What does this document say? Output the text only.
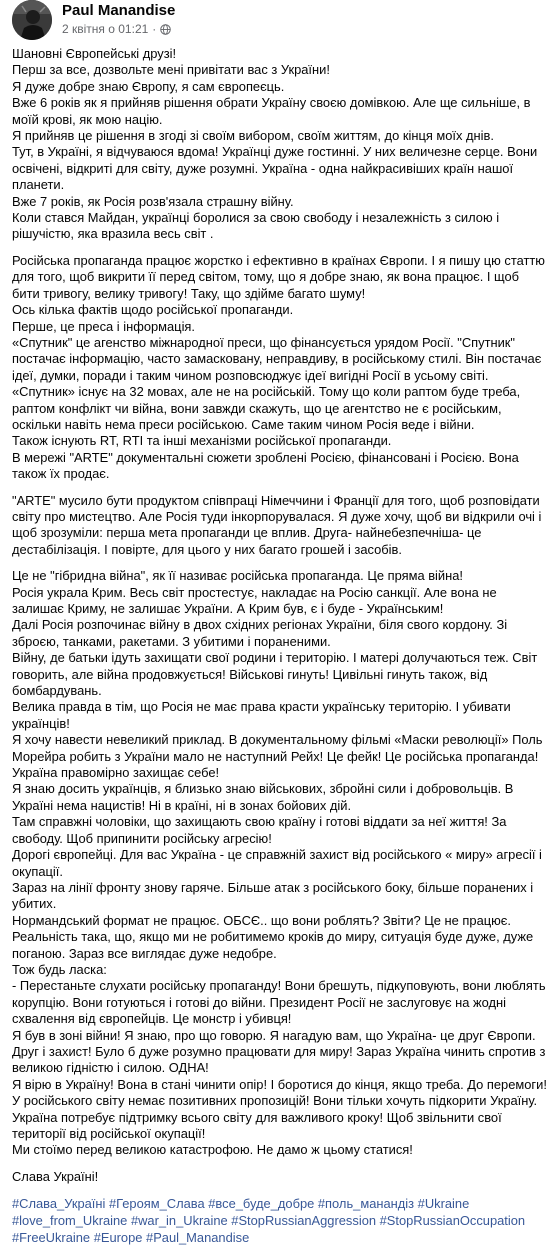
Paul Manandise
2 квітня о 01:21 ·

Шановні Європейські друзі!

Перш за все, дозвольте мені привітати вас з України!

Я дуже добре знаю Європу, я сам європеєць.

Вже 6 років як я прийняв рішення обрати Україну своєю домівкою. Але ще сильніше, в моїй крові, як мою націю.

Я прийняв це рішення в згоді зі своїм вибором, своїм життям, до кінця моїх днів.

Тут, в Україні, я відчуваюся вдома! Українці дуже гостинні. У них величезне серце. Вони освічені, відкриті для світу, дуже розумні. Україна - одна найкрасивіших країн нашої планети.

Вже 7 років, як Росія розв'язала страшну війну.

Коли стався Майдан, українці боролися за свою свободу і незалежність з силою і рішучістю, яка вразила весь світ .

Російська пропаганда працює жорстко і ефективно в країнах Європи. І я пишу цю статтю для того, щоб викрити її перед світом, тому, що я добре знаю, як вона працює. І щоб бити тривогу, велику тривогу! Таку, що здійме багато шуму!

Ось кілька фактів щодо російської пропаганди.

Перше, це преса і інформація.

«Спутник" це агенство міжнародної преси, що фінансується урядом Росії. "Спутник" постачає інформацію, часто замасковану, неправдиву, в російському стилі. Він постачає ідеї, думки, поради і таким чином розповсюджує ідеї вигідні Росії в усьому світі. «Спутник» існує на 32 мовах, але не на російській. Тому що коли раптом буде треба, раптом конфлікт чи війна, вони завжди скажуть, що це агентство не є російським, оскільки навіть нема преси російською. Саме таким чином Росія веде і війни.

Також існують RT, RTI та інші механізми російської пропаганди.

В мережі "ARTE" документальні сюжети зроблені Росією, фінансовані і Росією. Вона також їх продає.

"ARTE" мусило бути продуктом співпраці Німеччини і Франції для того, щоб розповідати світу про мистецтво. Але Росія туди інкорпорувалася. Я дуже хочу, щоб ви відкрили очі і щоб зрозуміли: перша мета пропаганди це вплив. Друга- найнебезпечніша- це дестабілізація. І повірте, для цього у них багато грошей і засобів.

Це не "гібридна війна", як її називає російська пропаганда. Це пряма війна!

Росія украла Крим. Весь світ простестує, накладає на Росію санкції. Але вона не залишає Криму, не залишає України. А Крим був, є і буде - Українським!

Далі Росія розпочинає війну в двох східних регіонах України, біля свого кордону. Зі зброєю, танками, ракетами. З убитими і пораненими.

Війну, де батьки ідуть захищати свої родини і територію. І матері долучаються теж. Світ говорить, але війна продовжується! Військові гинуть! Цивільні гинуть також, від бомбардувань.

Велика правда в тім, що Росія не має права красти українську територію. І убивати українців!

Я хочу навести невеликий приклад. В документальному фільмі «Маски революції» Поль Морейра робить з України мало не наступний Рейх! Це фейк! Це російська пропаганда!

Україна правомірно захищає себе!

Я знаю досить українців, я близько знаю військових, збройні сили і добровольців. В Україні нема нацистів! Ні в країні, ні в зонах бойових дій.

Там справжні чоловіки, що захищають свою країну і готові віддати за неї життя! За свободу. Щоб припинити російську агресію!

Дорогі європейці. Для вас Україна - це справжній захист від російського « миру» агресії і окупації.

Зараз на лінії фронту знову гаряче. Більше атак з російського боку, більше поранених і убитих.

Нормандський формат не працює. ОБСЄ.. що вони роблять? Звіти? Це не працює.

Реальність така, що, якщо ми не робитимемо кроків до миру, ситуація буде дуже, дуже поганою. Зараз все виглядає дуже недобре.

Тож будь ласка:

- Перестаньте слухати російську пропаганду! Вони брешуть, підкуповують, вони люблять корупцію. Вони готуються і готові до війни. Президент Росії не заслуговує на жодні схвалення від європейців. Це монстр і убивця!

Я був в зоні війни! Я знаю, про що говорю. Я нагадую вам, що Україна- це друг Європи. Друг і захист! Було б дуже розумно працювати для миру! Зараз Україна чинить спротив з великою гідністю і силою. ОДНА!

Я вірю в Україну! Вона в стані чинити опір! І боротися до кінця, якщо треба. До перемоги!

У російського світу немає позитивних пропозицій! Вони тільки хочуть підкорити Україну.

Україна потребує підтримку всього світу для важливого кроку! Щоб звільнити свої території від російської окупації!

Ми стоїмо перед великою катастрофою. Не дамо ж цьому статися!

Слава Україні!

#Слава_Україні #Героям_Слава #все_буде_добре #поль_манандіз #Ukraine #love_from_Ukraine #war_in_Ukraine #StopRussianAggression #StopRussianOccupation #FreeUkraine #Europe #Paul_Manandise
